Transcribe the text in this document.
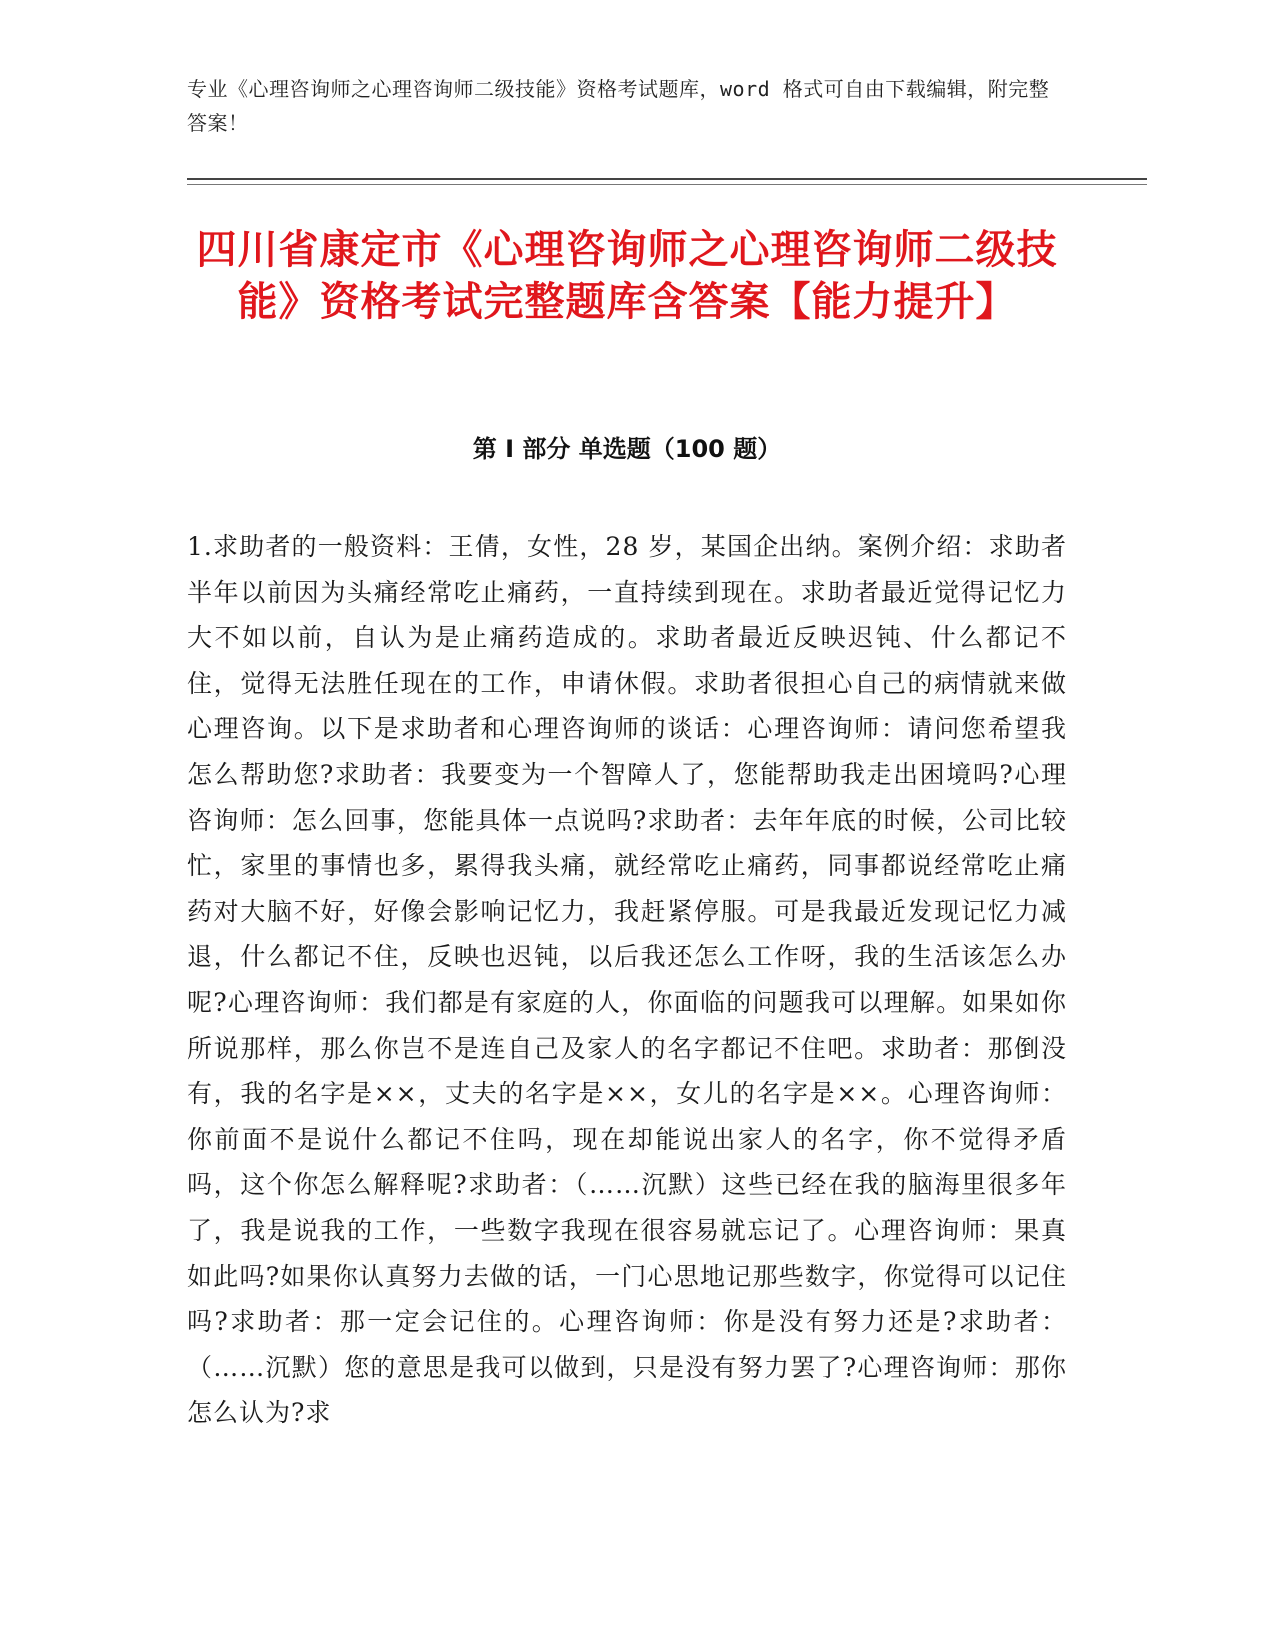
专业《心理咨询师之心理咨询师二级技能》资格考试题库，word 格式可自由下载编辑，附完整答案！
四川省康定市《心理咨询师之心理咨询师二级技能》资格考试完整题库含答案【能力提升】
第 I 部分 单选题（100 题）
1.求助者的一般资料：王倩，女性，28 岁，某国企出纳。案例介绍：求助者半年以前因为头痛经常吃止痛药，一直持续到现在。求助者最近觉得记忆力大不如以前，自认为是止痛药造成的。求助者最近反映迟钝、什么都记不住，觉得无法胜任现在的工作，申请休假。求助者很担心自己的病情就来做心理咨询。以下是求助者和心理咨询师的谈话：心理咨询师：请问您希望我怎么帮助您?求助者：我要变为一个智障人了，您能帮助我走出困境吗?心理咨询师：怎么回事，您能具体一点说吗?求助者：去年年底的时候，公司比较忙，家里的事情也多，累得我头痛，就经常吃止痛药，同事都说经常吃止痛药对大脑不好，好像会影响记忆力，我赶紧停服。可是我最近发现记忆力减退，什么都记不住，反映也迟钝，以后我还怎么工作呀，我的生活该怎么办呢?心理咨询师：我们都是有家庭的人，你面临的问题我可以理解。如果如你所说那样，那么你岂不是连自己及家人的名字都记不住吧。求助者：那倒没有，我的名字是××，丈夫的名字是××，女儿的名字是××。心理咨询师：你前面不是说什么都记不住吗，现在却能说出家人的名字，你不觉得矛盾吗，这个你怎么解释呢?求助者：（……沉默）这些已经在我的脑海里很多年了，我是说我的工作，一些数字我现在很容易就忘记了。心理咨询师：果真如此吗?如果你认真努力去做的话，一门心思地记那些数字，你觉得可以记住吗?求助者：那一定会记住的。心理咨询师：你是没有努力还是?求助者：（……沉默）您的意思是我可以做到，只是没有努力罢了?心理咨询师：那你怎么认为?求
